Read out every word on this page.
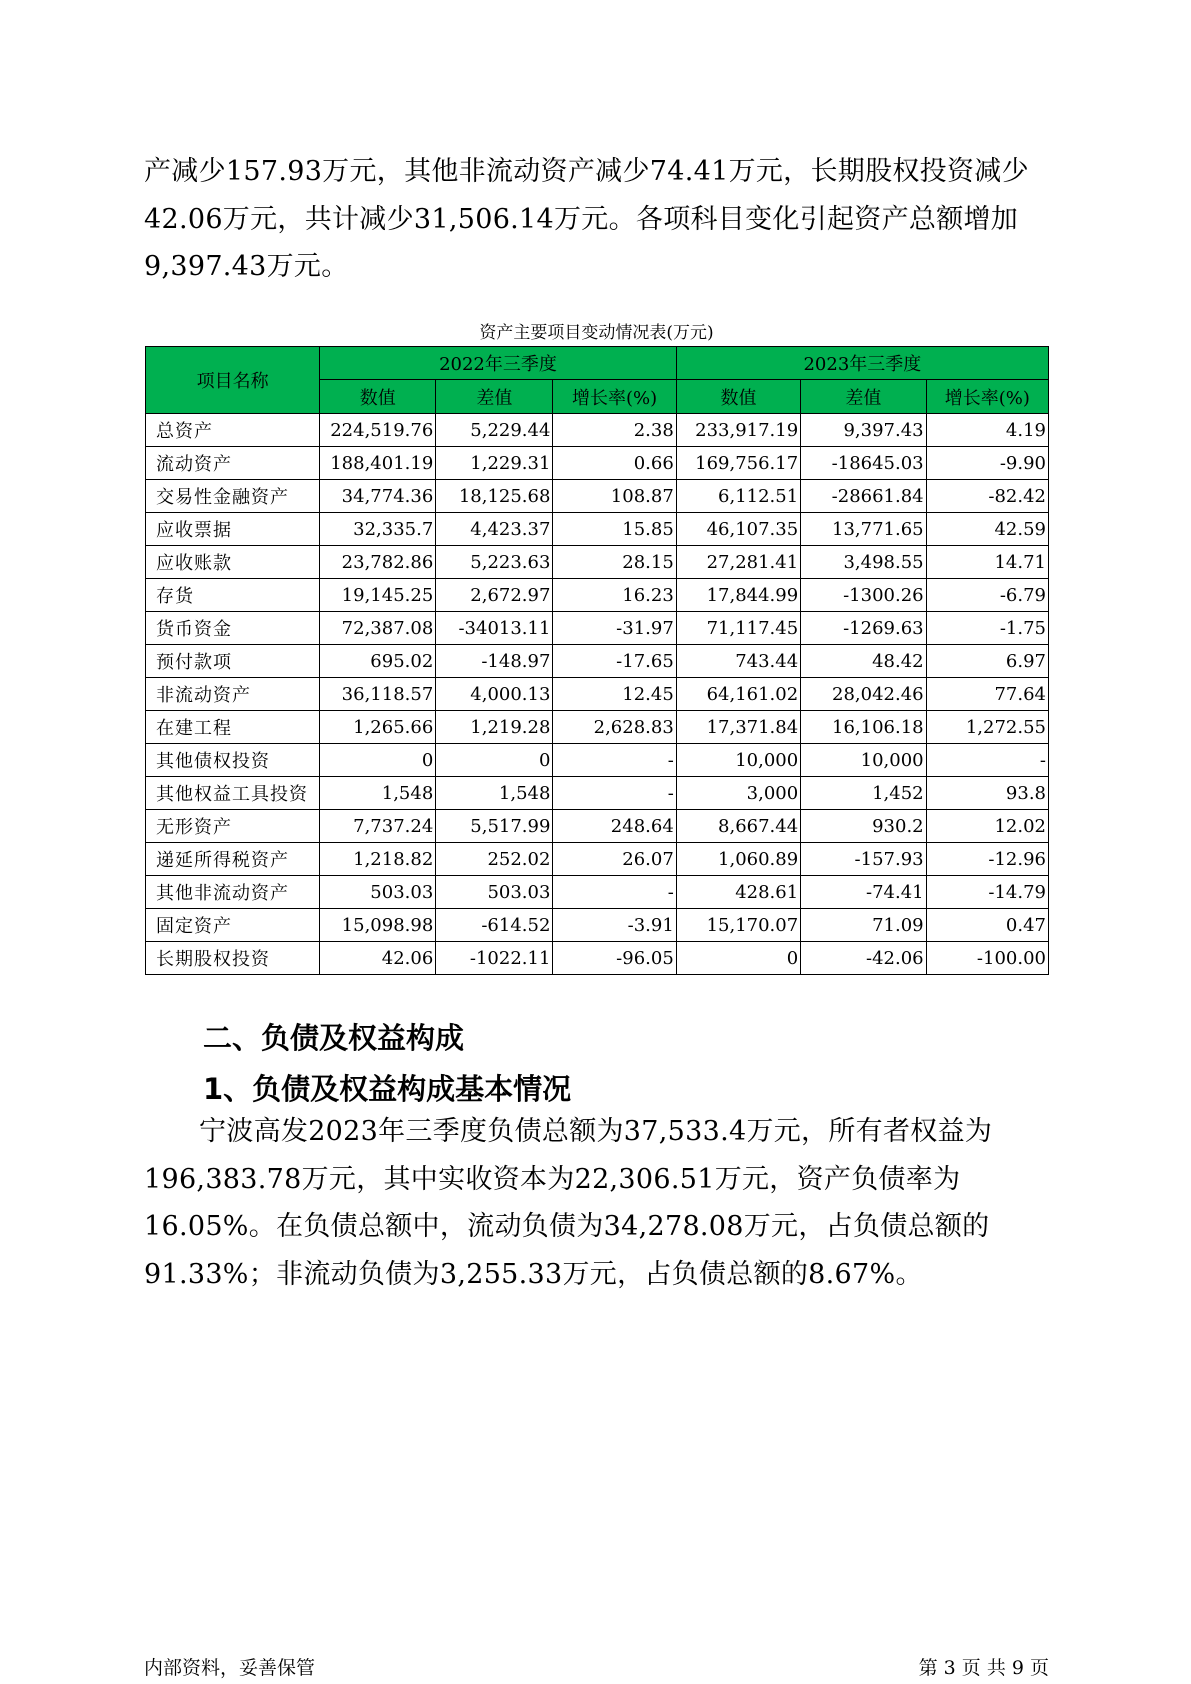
产减少157.93万元，其他非流动资产减少74.41万元，长期股权投资减少42.06万元，共计减少31,506.14万元。各项科目变化引起资产总额增加9,397.43万元。

资产主要项目变动情况表(万元)
项目名称	2022年三季度			2023年三季度		
	数值	差值	增长率(%)	数值	差值	增长率(%)
总资产	224,519.76	5,229.44	2.38	233,917.19	9,397.43	4.19
流动资产	188,401.19	1,229.31	0.66	169,756.17	-18645.03	-9.90
交易性金融资产	34,774.36	18,125.68	108.87	6,112.51	-28661.84	-82.42
应收票据	32,335.7	4,423.37	15.85	46,107.35	13,771.65	42.59
应收账款	23,782.86	5,223.63	28.15	27,281.41	3,498.55	14.71
存货	19,145.25	2,672.97	16.23	17,844.99	-1300.26	-6.79
货币资金	72,387.08	-34013.11	-31.97	71,117.45	-1269.63	-1.75
预付款项	695.02	-148.97	-17.65	743.44	48.42	6.97
非流动资产	36,118.57	4,000.13	12.45	64,161.02	28,042.46	77.64
在建工程	1,265.66	1,219.28	2,628.83	17,371.84	16,106.18	1,272.55
其他债权投资	0	0	-	10,000	10,000	-
其他权益工具投资	1,548	1,548	-	3,000	1,452	93.8
无形资产	7,737.24	5,517.99	248.64	8,667.44	930.2	12.02
递延所得税资产	1,218.82	252.02	26.07	1,060.89	-157.93	-12.96
其他非流动资产	503.03	503.03	-	428.61	-74.41	-14.79
固定资产	15,098.98	-614.52	-3.91	15,170.07	71.09	0.47
长期股权投资	42.06	-1022.11	-96.05	0	-42.06	-100.00
二、负债及权益构成
1、负债及权益构成基本情况

宁波高发2023年三季度负债总额为37,533.4万元，所有者权益为196,383.78万元，其中实收资本为22,306.51万元，资产负债率为16.05%。在负债总额中，流动负债为34,278.08万元，占负债总额的91.33%；非流动负债为3,255.33万元，占负债总额的8.67%。

内部资料，妥善保管	第 3 页 共 9 页
